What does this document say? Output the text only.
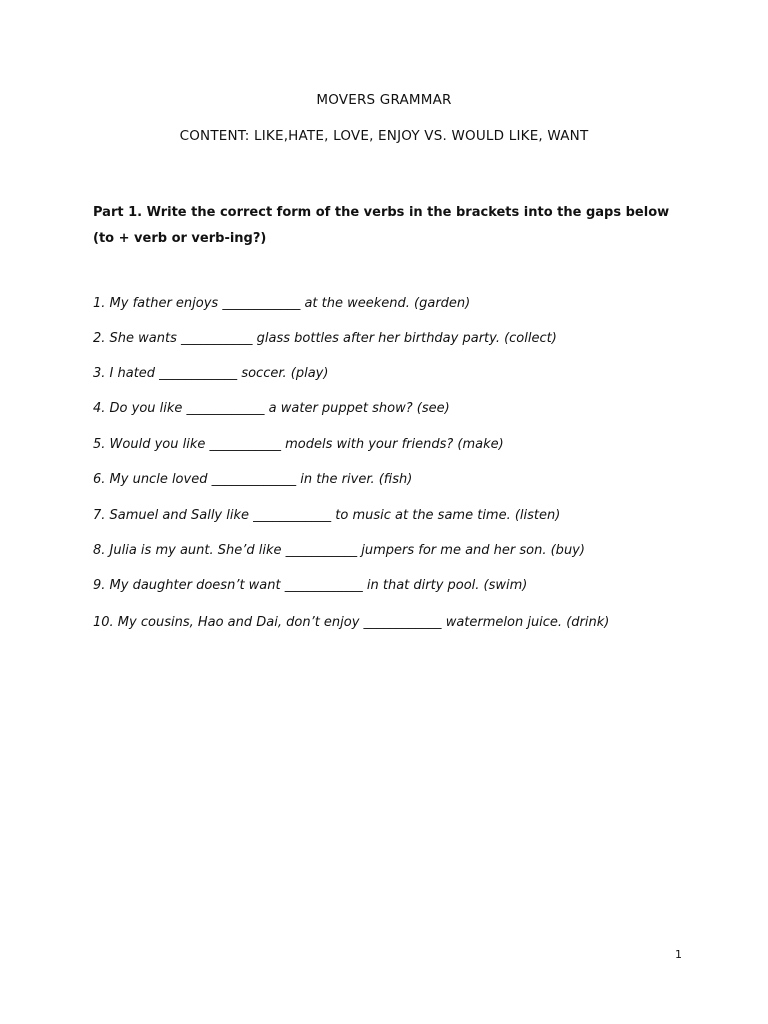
MOVERS GRAMMAR
CONTENT: LIKE,HATE, LOVE, ENJOY VS. WOULD LIKE, WANT
Part 1. Write the correct form of the verbs in the brackets into the gaps below (to + verb or verb-ing?)
1. My father enjoys ____________ at the weekend. (garden)
2. She wants ___________ glass bottles after her birthday party. (collect)
3. I hated ____________ soccer. (play)
4. Do you like ____________ a water puppet show? (see)
5. Would you like ___________ models with your friends? (make)
6. My uncle loved _____________ in the river. (fish)
7. Samuel and Sally like ____________ to music at the same time. (listen)
8. Julia is my aunt. She’d like ___________ jumpers for me and her son. (buy)
9. My daughter doesn’t want ____________ in that dirty pool. (swim)
10. My cousins, Hao and Dai, don’t enjoy ____________ watermelon juice. (drink)
1
